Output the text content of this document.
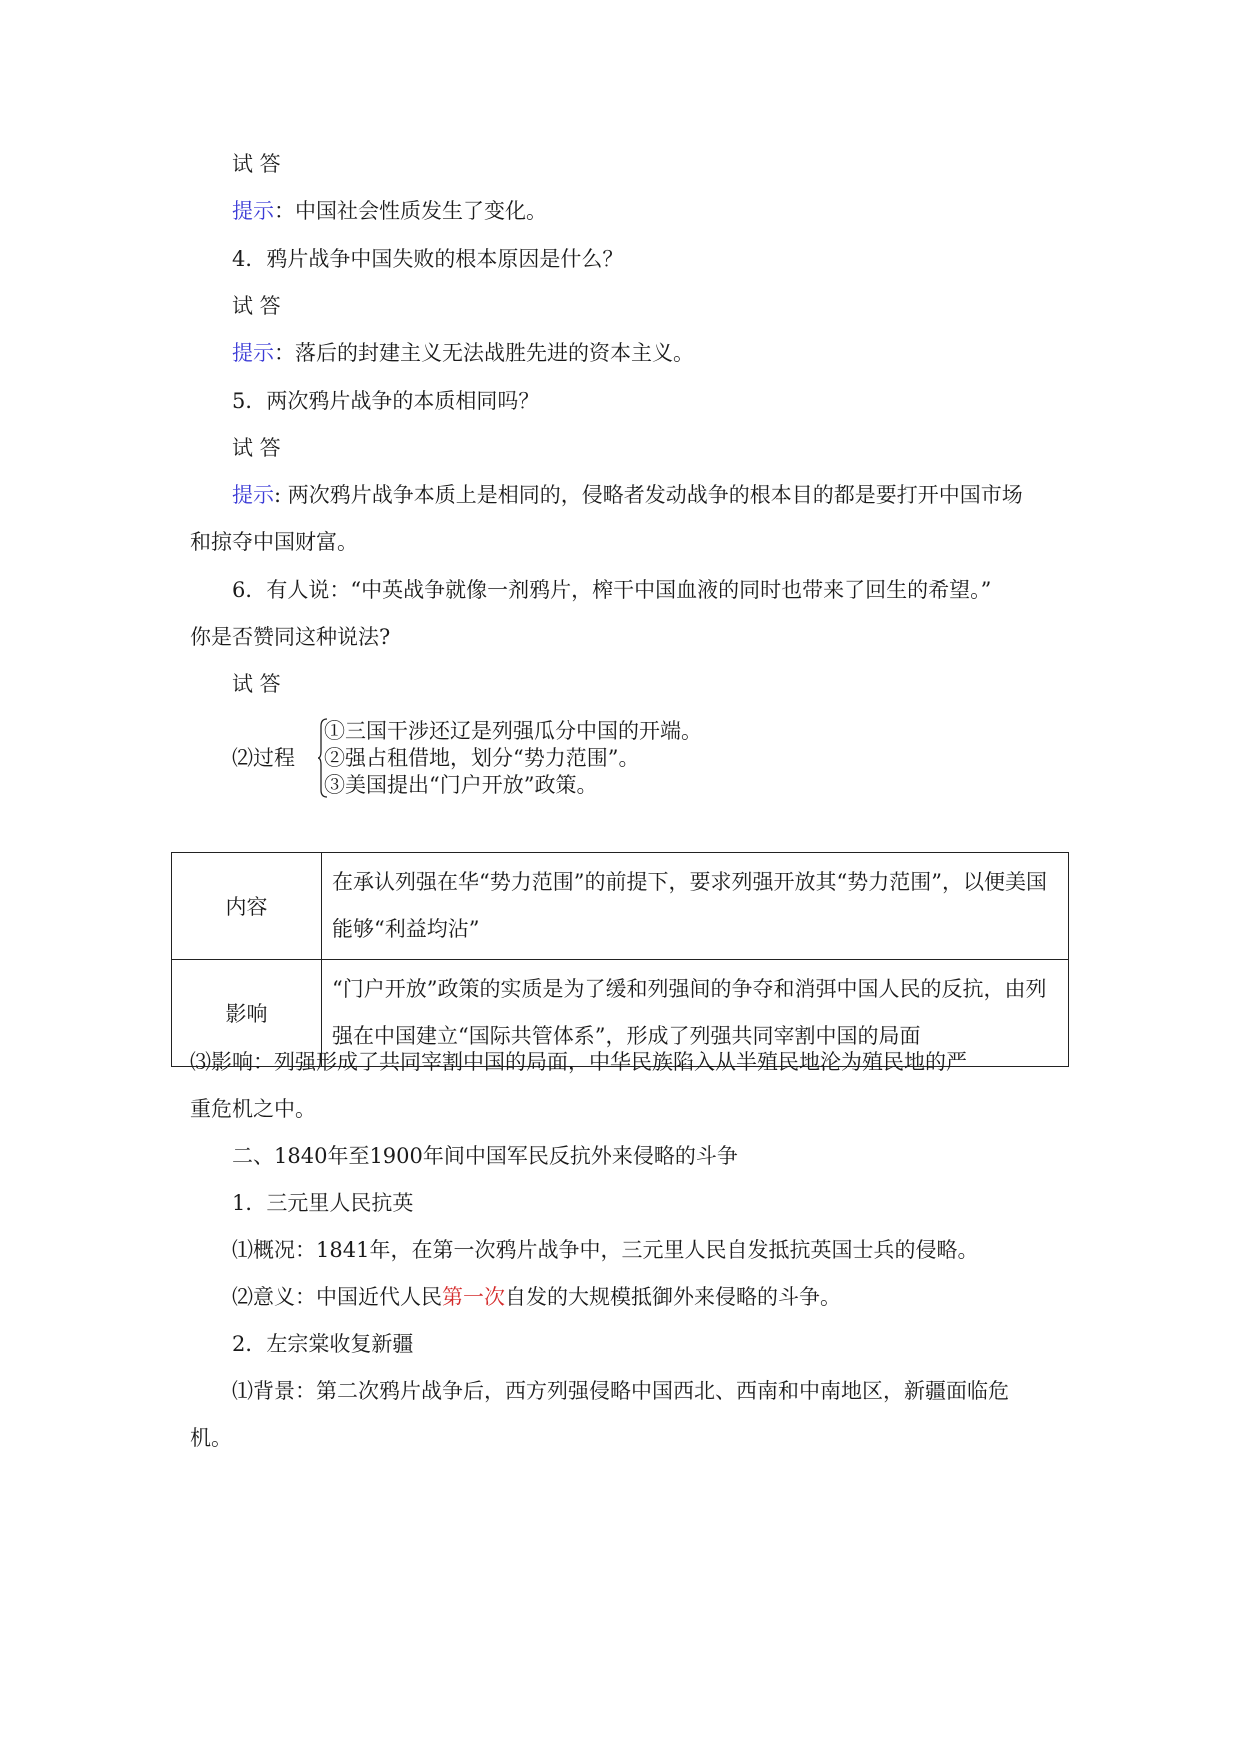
试 答
提示：中国社会性质发生了变化。
4．鸦片战争中国失败的根本原因是什么？
试 答
提示：落后的封建主义无法战胜先进的资本主义。
5．两次鸦片战争的本质相同吗？
试 答
提示: 两次鸦片战争本质上是相同的，侵略者发动战争的根本目的都是要打开中国市场
和掠夺中国财富。
6．有人说：“中英战争就像一剂鸦片，榨干中国血液的同时也带来了回生的希望。”
你是否赞同这种说法?
试 答
⑵过程
①三国干涉还辽是列强瓜分中国的开端。
②强占租借地，划分“势力范围”。
③美国提出“门户开放”政策。
内容	在承认列强在华“势力范围”的前提下，要求列强开放其“势力范围”，以便美国能够“利益均沾”
影响	“门户开放”政策的实质是为了缓和列强间的争夺和消弭中国人民的反抗，由列强在中国建立“国际共管体系”，形成了列强共同宰割中国的局面
⑶影响：列强形成了共同宰割中国的局面，中华民族陷入从半殖民地沦为殖民地的严
重危机之中。
二、1840年至1900年间中国军民反抗外来侵略的斗争
1．三元里人民抗英
⑴概况：1841年，在第一次鸦片战争中，三元里人民自发抵抗英国士兵的侵略。
⑵意义：中国近代人民第一次自发的大规模抵御外来侵略的斗争。
2．左宗棠收复新疆
⑴背景：第二次鸦片战争后，西方列强侵略中国西北、西南和中南地区，新疆面临危
机。
